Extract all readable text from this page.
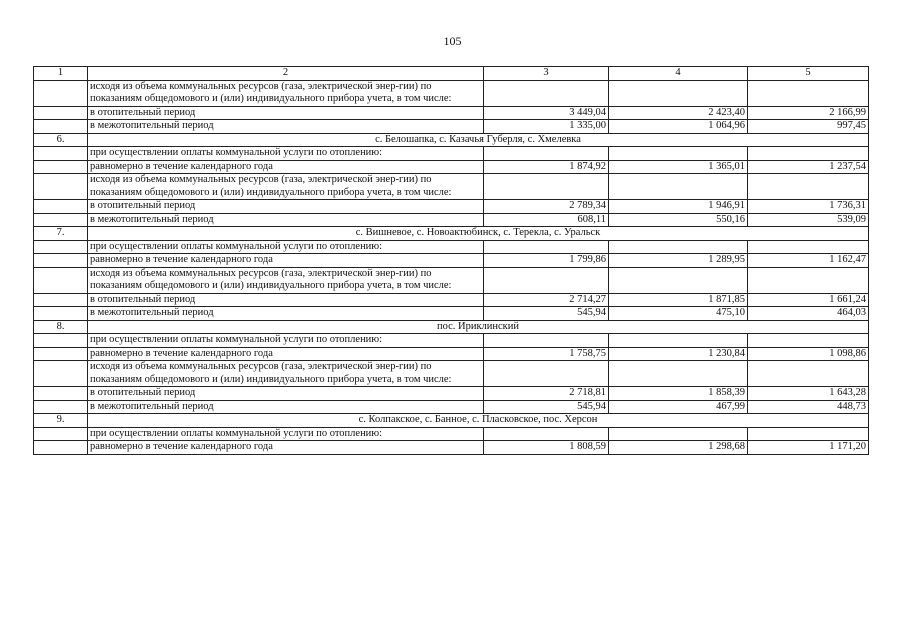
105
1	2	3	4	5
	исходя из объема коммунальных ресурсов (газа, электрической энер-гии) по показаниям общедомового и (или) индивидуального прибора учета, в том числе:			
	в отопительный период	3 449,04	2 423,40	2 166,99
	в межотопительный период	1 335,00	1 064,96	997,45
6.	с. Белошапка, с. Казачья Губерля, с. Хмелевка			
	при осуществлении оплаты коммунальной услуги по отоплению:			
	равномерно в течение календарного года	1 874,92	1 365,01	1 237,54
	исходя из объема коммунальных ресурсов (газа, электрической энер-гии) по показаниям общедомового и (или) индивидуального прибора учета, в том числе:			
	в отопительный период	2 789,34	1 946,91	1 736,31
	в межотопительный период	608,11	550,16	539,09
7.	с. Вишневое, с. Новоактюбинск, с. Терекла, с. Уральск			
	при осуществлении оплаты коммунальной услуги по отоплению:			
	равномерно в течение календарного года	1 799,86	1 289,95	1 162,47
	исходя из объема коммунальных ресурсов (газа, электрической энер-гии) по показаниям общедомового и (или) индивидуального прибора учета, в том числе:			
	в отопительный период	2 714,27	1 871,85	1 661,24
	в межотопительный период	545,94	475,10	464,03
8.	пос. Ириклинский			
	при осуществлении оплаты коммунальной услуги по отоплению:			
	равномерно в течение календарного года	1 758,75	1 230,84	1 098,86
	исходя из объема коммунальных ресурсов (газа, электрической энер-гии) по показаниям общедомового и (или) индивидуального прибора учета, в том числе:			
	в отопительный период	2 718,81	1 858,39	1 643,28
	в межотопительный период	545,94	467,99	448,73
9.	с. Колпакское, с. Банное, с. Пласковское, пос. Херсон			
	при осуществлении оплаты коммунальной услуги по отоплению:			
	равномерно в течение календарного года	1 808,59	1 298,68	1 171,20
